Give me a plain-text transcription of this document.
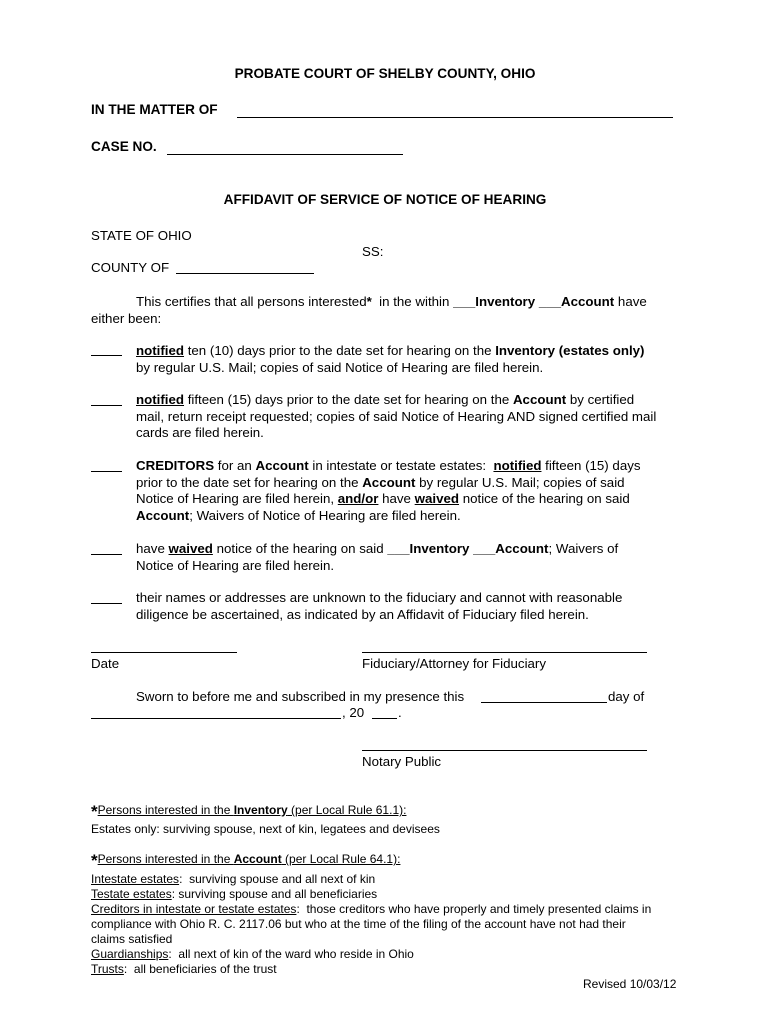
PROBATE COURT OF SHELBY COUNTY, OHIO
IN THE MATTER OF
CASE NO.
AFFIDAVIT OF SERVICE OF NOTICE OF HEARING
STATE OF OHIO
SS:
COUNTY OF
This certifies that all persons interested*  in the within ___Inventory ___Account have
either been:
notified ten (10) days prior to the date set for hearing on the Inventory (estates only)
by regular U.S. Mail; copies of said Notice of Hearing are filed herein.
notified fifteen (15) days prior to the date set for hearing on the Account by certified
mail, return receipt requested; copies of said Notice of Hearing AND signed certified mail
cards are filed herein.
CREDITORS for an Account in intestate or testate estates:  notified fifteen (15) days
prior to the date set for hearing on the Account by regular U.S. Mail; copies of said
Notice of Hearing are filed herein, and/or have waived notice of the hearing on said
Account; Waivers of Notice of Hearing are filed herein.
have waived notice of the hearing on said ___Inventory ___Account; Waivers of
Notice of Hearing are filed herein.
their names or addresses are unknown to the fiduciary and cannot with reasonable
diligence be ascertained, as indicated by an Affidavit of Fiduciary filed herein.
Date	Fiduciary/Attorney for Fiduciary
Sworn to before me and subscribed in my presence this	day of
, 20	.
Notary Public
*Persons interested in the Inventory (per Local Rule 61.1):
Estates only: surviving spouse, next of kin, legatees and devisees
*Persons interested in the Account (per Local Rule 64.1):
Intestate estates:  surviving spouse and all next of kin
Testate estates: surviving spouse and all beneficiaries
Creditors in intestate or testate estates:  those creditors who have properly and timely presented claims in
compliance with Ohio R. C. 2117.06 but who at the time of the filing of the account have not had their
claims satisfied
Guardianships:  all next of kin of the ward who reside in Ohio
Trusts:  all beneficiaries of the trust
Revised 10/03/12
